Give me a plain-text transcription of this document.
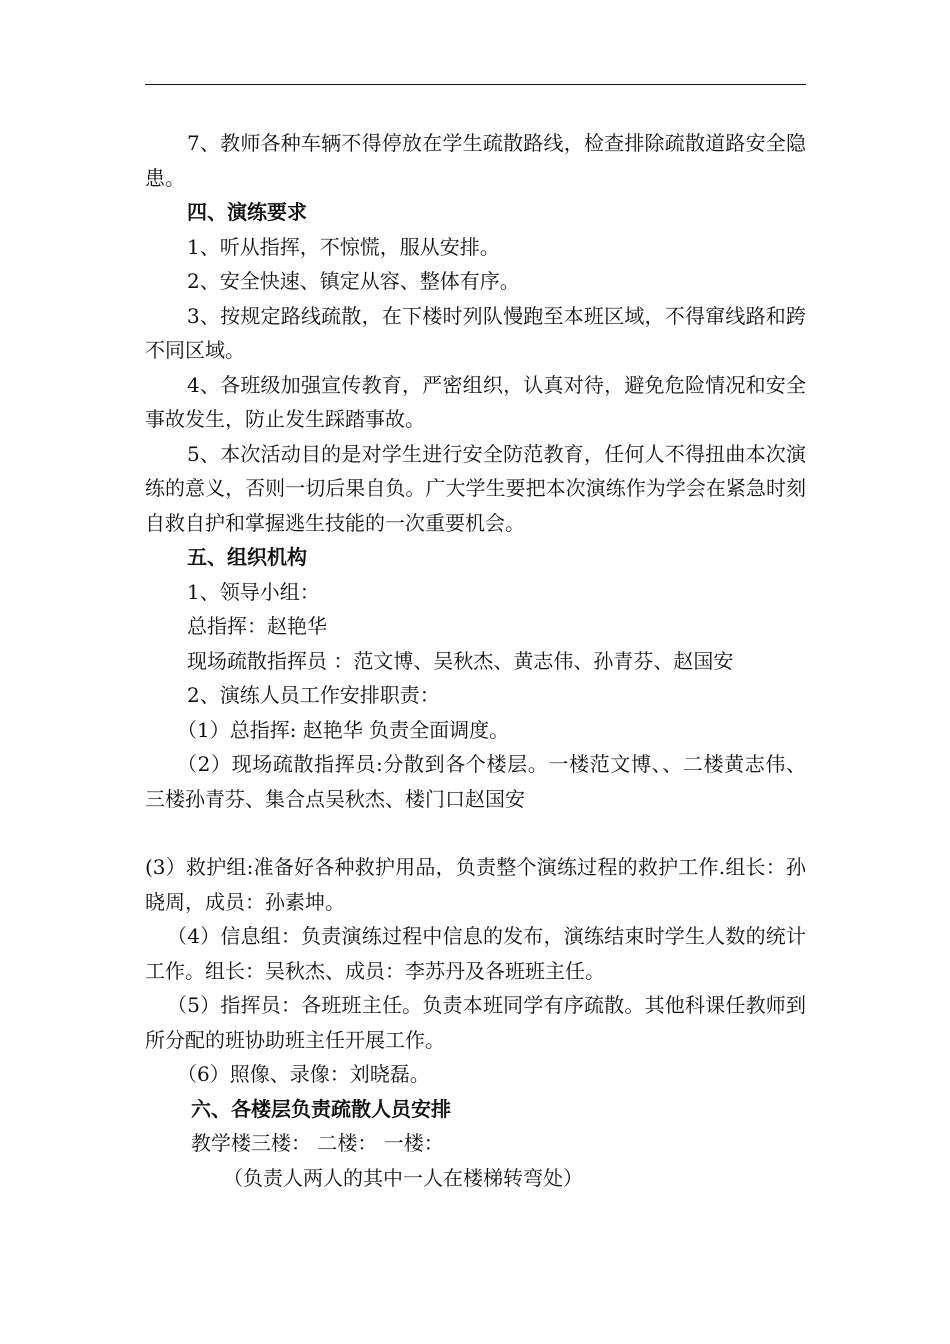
7、教师各种车辆不得停放在学生疏散路线，检查排除疏散道路安全隐患。

四、演练要求

1、听从指挥，不惊慌，服从安排。

2、安全快速、镇定从容、整体有序。

3、按规定路线疏散，在下楼时列队慢跑至本班区域，不得窜线路和跨不同区域。

4、各班级加强宣传教育，严密组织，认真对待，避免危险情况和安全事故发生，防止发生踩踏事故。

5、本次活动目的是对学生进行安全防范教育，任何人不得扭曲本次演练的意义，否则一切后果自负。广大学生要把本次演练作为学会在紧急时刻自救自护和掌握逃生技能的一次重要机会。

五、组织机构

1、领导小组：

总指挥：赵艳华

现场疏散指挥员 ：范文博、吴秋杰、黄志伟、孙青芬、赵国安

2、演练人员工作安排职责：

（1）总指挥: 赵艳华 负责全面调度。

（2）现场疏散指挥员:分散到各个楼层。一楼范文博、、二楼黄志伟、三楼孙青芬、集合点吴秋杰、楼门口赵国安

(3）救护组:准备好各种救护用品，负责整个演练过程的救护工作.组长：孙晓周，成员：孙素坤。

（4）信息组：负责演练过程中信息的发布，演练结束时学生人数的统计工作。组长：吴秋杰、成员：李苏丹及各班班主任。

（5）指挥员：各班班主任。负责本班同学有序疏散。其他科课任教师到所分配的班协助班主任开展工作。

（6）照像、录像：刘晓磊。

六、各楼层负责疏散人员安排

教学楼三楼： 二楼： 一楼：

（负责人两人的其中一人在楼梯转弯处）
